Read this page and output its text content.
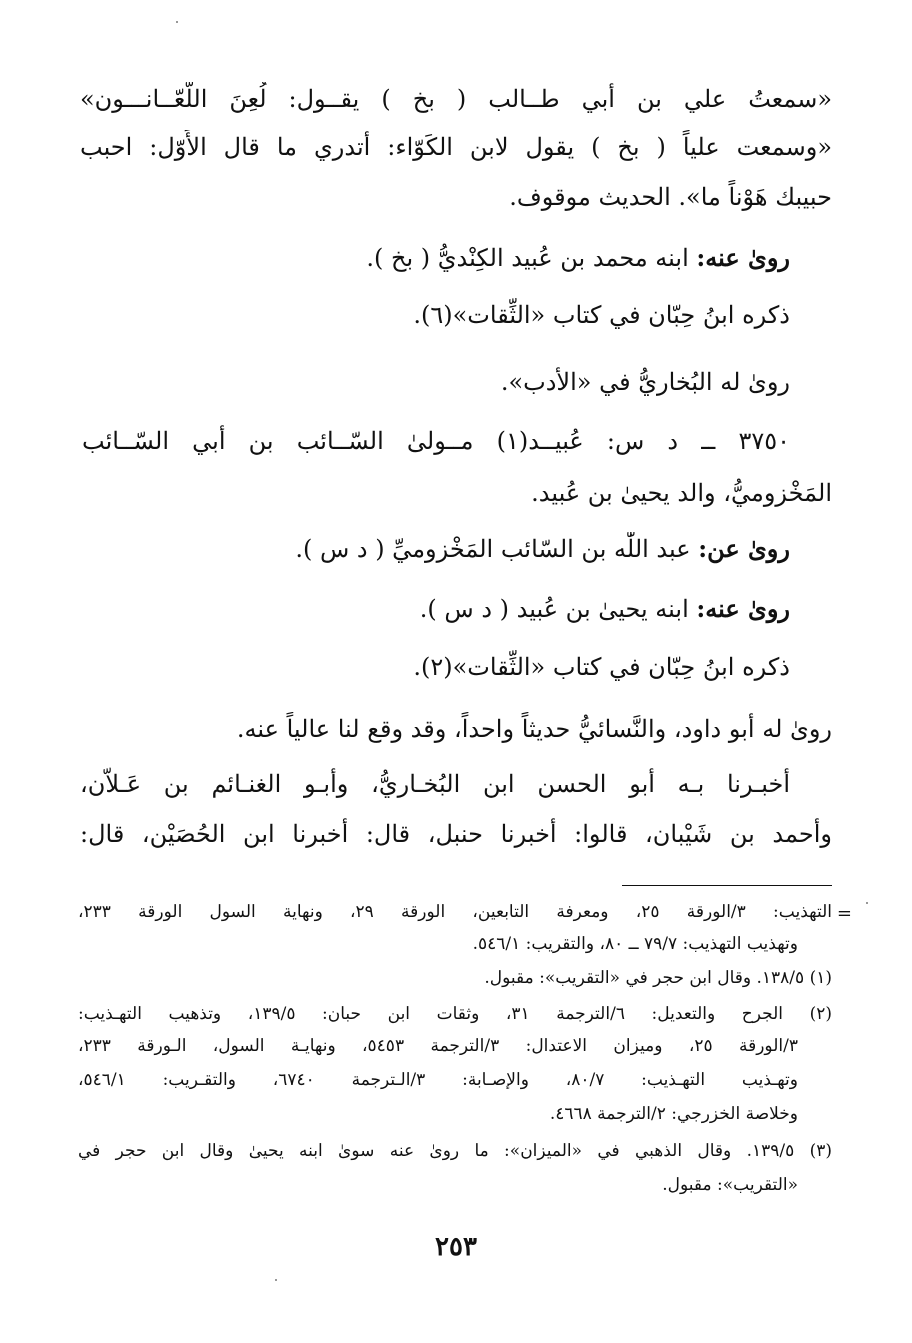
«سمعتُ علي بن أبي طــالب ( بخ ) يقــول: لُعِنَ اللَّعّــانـــون»
«وسمعت علياً ( بخ ) يقول لابن الكَوّاء: أتدري ما قال الأَوّل: احبب
حبيبك هَوْناً ما». الحديث موقوف.
رویٰ عنه: ابنه محمد بن عُبيد الكِنْديُّ ( بخ ).
ذكره ابنُ حِبّان في كتاب «الثِّقات»(٦).
رویٰ له البُخاريُّ في «الأدب».
٣٧٥٠ ــ د س: عُبيــد(١) مــولىٰ السّــائب بن أبي السّــائب
المَخْزوميُّ، والد يحيىٰ بن عُبيد.
رویٰ عن: عبد اللّٰه بن السّائب المَخْزوميِّ ( د س ).
رویٰ عنه: ابنه يحيىٰ بن عُبيد ( د س ).
ذكره ابنُ حِبّان في كتاب «الثِّقات»(٢).
روىٰ له أبو داود، والنَّسائيُّ حديثاً واحداً، وقد وقع لنا عالياً عنه.
أخبـرنا بـه أبو الحسن ابن البُخـاريُّ، وأبـو الغنـائم بن عَـلاّن،
وأحمد بن شَيْبان، قالوا: أخبرنا حنبل، قال: أخبرنا ابن الحُصَيْن، قال:
=
التهذيب: ٣/الورقة ٢٥، ومعرفة التابعين، الورقة ٢٩، ونهاية السول الورقة ٢٣٣،
وتهذيب التهذيب: ٧٩/٧ ــ ٨٠، والتقريب: ٥٤٦/١.
(١) ١٣٨/٥. وقال ابن حجر في «التقريب»: مقبول.
(٢) الجرح والتعديل: ٦/الترجمة ٣١، وثقات ابن حبان: ١٣٩/٥، وتذهيب التهـذيب:
٣/الورقة ٢٥، وميزان الاعتدال: ٣/الترجمة ٥٤٥٣، ونهايـة السول، الـورقة ٢٣٣،
وتهـذيب التهـذيب: ٨٠/٧، والإصـابة: ٣/الـترجمة ٦٧٤٠، والتقـريب: ٥٤٦/١،
وخلاصة الخزرجي: ٢/الترجمة ٤٦٦٨.
(٣) ١٣٩/٥. وقال الذهبي في «الميزان»: ما روىٰ عنه سوىٰ ابنه يحيىٰ وقال ابن حجر في
«التقريب»: مقبول.
٢٥٣
